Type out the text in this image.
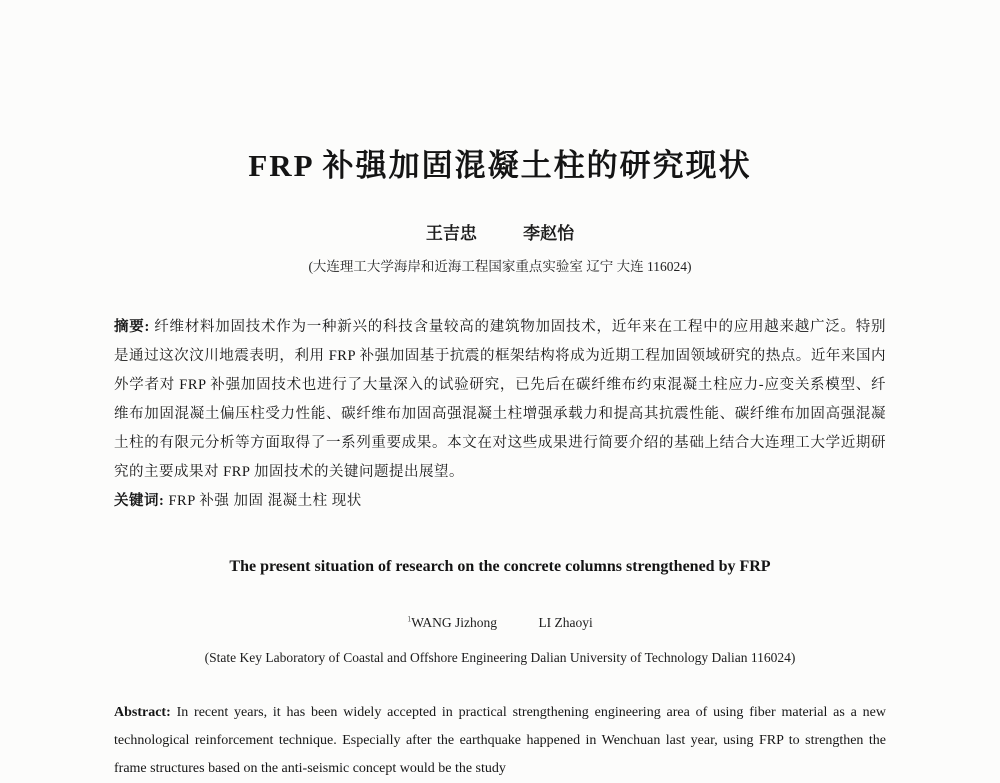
FRP 补强加固混凝土柱的研究现状
王吉忠	李赵怡
(大连理工大学海岸和近海工程国家重点实验室 辽宁 大连 116024)

摘要: 纤维材料加固技术作为一种新兴的科技含量较高的建筑物加固技术，近年来在工程中的应用越来越广泛。特别是通过这次汶川地震表明，利用 FRP 补强加固基于抗震的框架结构将成为近期工程加固领域研究的热点。近年来国内外学者对 FRP 补强加固技术也进行了大量深入的试验研究，已先后在碳纤维布约束混凝土柱应力-应变关系模型、纤维布加固混凝土偏压柱受力性能、碳纤维布加固高强混凝土柱增强承载力和提高其抗震性能、碳纤维布加固高强混凝土柱的有限元分析等方面取得了一系列重要成果。本文在对这些成果进行简要介绍的基础上结合大连理工大学近期研究的主要成果对 FRP 加固技术的关键问题提出展望。

关键词: FRP 补强 加固 混凝土柱 现状

The present situation of research on the concrete columns strengthened by FRP
$^1$WANG Jizhong	LI Zhaoyi
(State Key Laboratory of Coastal and Offshore Engineering Dalian University of Technology Dalian 116024)

Abstract: In recent years, it has been widely accepted in practical strengthening engineering area of using fiber material as a new technological reinforcement technique. Especially after the earthquake happened in Wenchuan last year, using FRP to strengthen the frame structures based on the anti-seismic concept would be the study
